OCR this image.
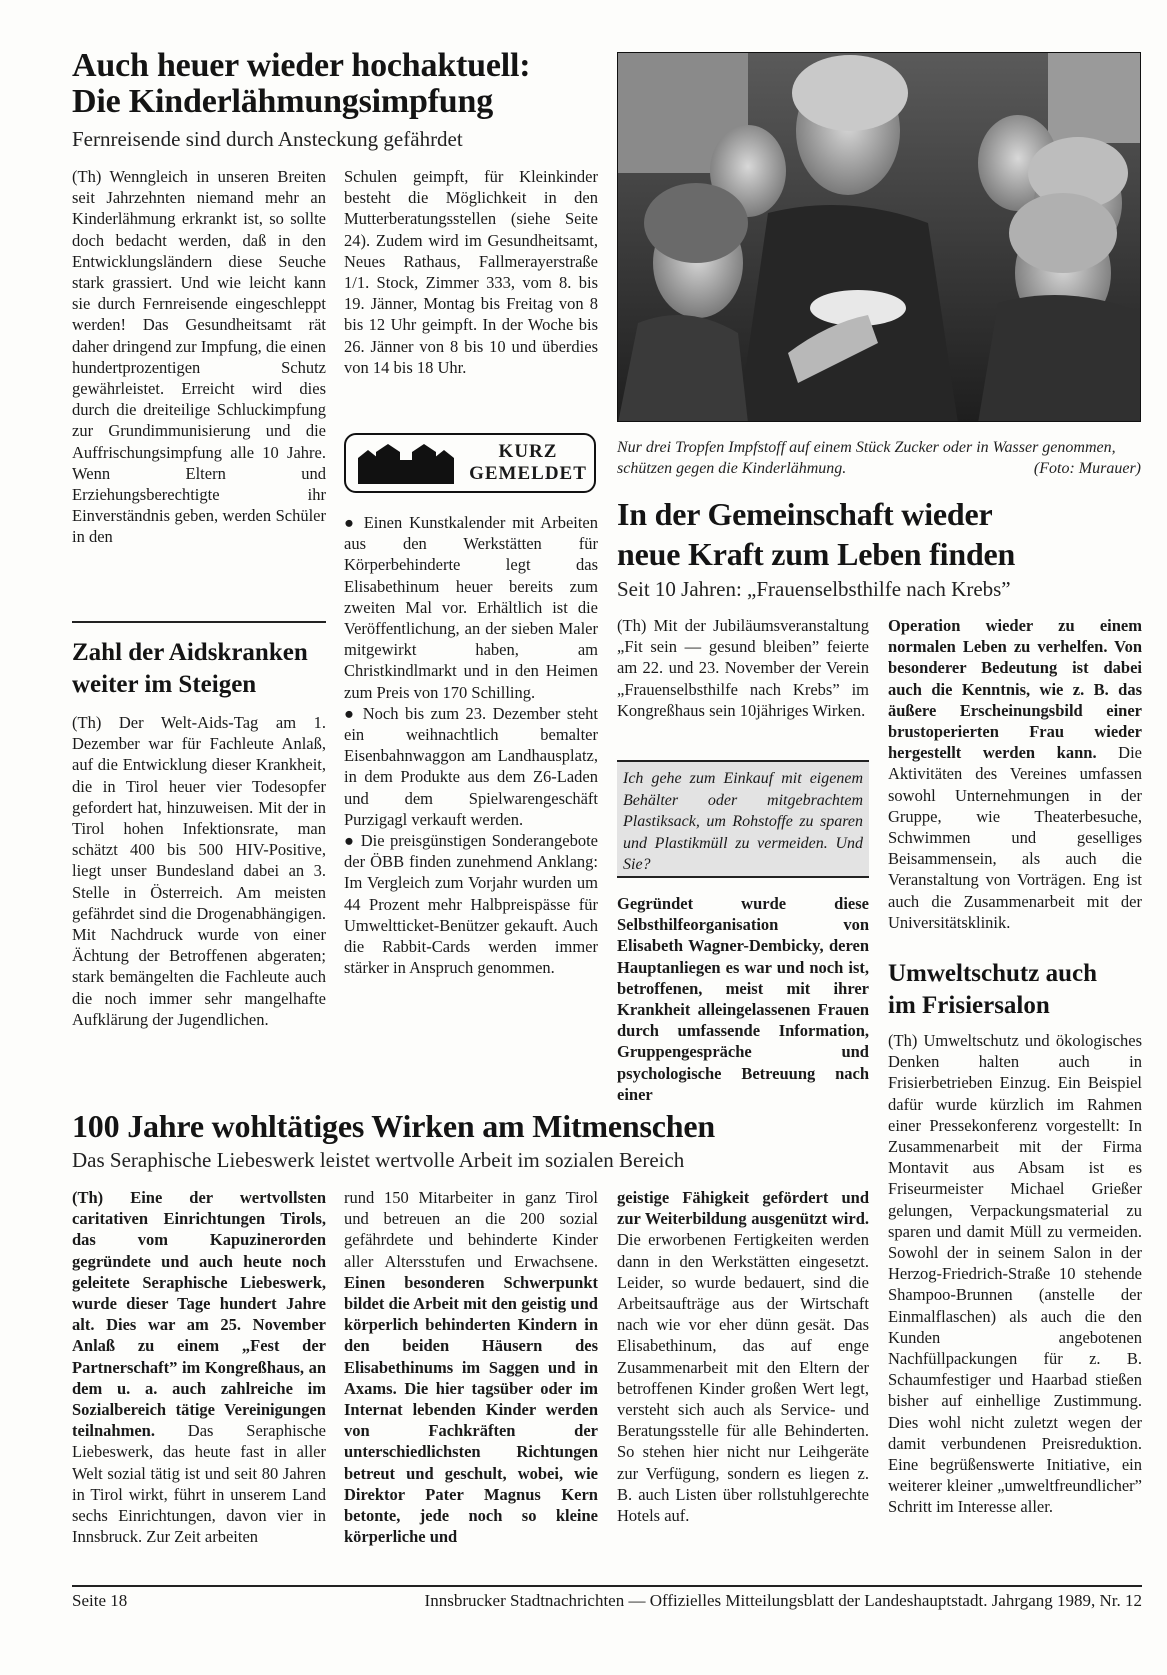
Auch heuer wieder hochaktuell:
Die Kinderlähmungsimpfung
Fernreisende sind durch Ansteckung gefährdet
(Th) Wenngleich in unseren Breiten seit Jahrzehnten niemand mehr an Kinderlähmung erkrankt ist, so sollte doch bedacht werden, daß in den Entwicklungsländern diese Seuche stark grassiert. Und wie leicht kann sie durch Fernreisende eingeschleppt werden! Das Gesundheitsamt rät daher dringend zur Impfung, die einen hundertprozentigen Schutz gewährleistet. Erreicht wird dies durch die dreiteilige Schluckimpfung zur Grundimmunisierung und die Auffrischungsimpfung alle 10 Jahre. Wenn Eltern und Erziehungsberechtigte ihr Einverständnis geben, werden Schüler in den
Schulen geimpft, für Kleinkinder besteht die Möglichkeit in den Mutterberatungsstellen (siehe Seite 24). Zudem wird im Gesundheitsamt, Neues Rathaus, Fallmerayerstraße 1/1. Stock, Zimmer 333, vom 8. bis 19. Jänner, Montag bis Freitag von 8 bis 12 Uhr geimpft. In der Woche bis 26. Jänner von 8 bis 10 und überdies von 14 bis 18 Uhr.
Nur drei Tropfen Impfstoff auf einem Stück Zucker oder in Wasser genommen, schützen gegen die Kinderlähmung.	(Foto: Murauer)
Zahl der Aidskranken
weiter im Steigen
(Th) Der Welt-Aids-Tag am 1. Dezember war für Fachleute Anlaß, auf die Entwicklung dieser Krankheit, die in Tirol heuer vier Todesopfer gefordert hat, hinzuweisen. Mit der in Tirol hohen Infektionsrate, man schätzt 400 bis 500 HIV-Positive, liegt unser Bundesland dabei an 3. Stelle in Österreich. Am meisten gefährdet sind die Drogenabhängigen. Mit Nachdruck wurde von einer Ächtung der Betroffenen abgeraten; stark bemängelten die Fachleute auch die noch immer sehr mangelhafte Aufklärung der Jugendlichen.
KURZ
GEMELDET
● Einen Kunstkalender mit Arbeiten aus den Werkstätten für Körperbehinderte legt das Elisabethinum heuer bereits zum zweiten Mal vor. Erhältlich ist die Veröffentlichung, an der sieben Maler mitgewirkt haben, am Christkindlmarkt und in den Heimen zum Preis von 170 Schilling.
● Noch bis zum 23. Dezember steht ein weihnachtlich bemalter Eisenbahnwaggon am Landhausplatz, in dem Produkte aus dem Z6-Laden und dem Spielwarengeschäft Purzigagl verkauft werden.
● Die preisgünstigen Sonderangebote der ÖBB finden zunehmend Anklang: Im Vergleich zum Vorjahr wurden um 44 Prozent mehr Halbpreispässe für Umweltticket-Benützer gekauft. Auch die Rabbit-Cards werden immer stärker in Anspruch genommen.
In der Gemeinschaft wieder
neue Kraft zum Leben finden
Seit 10 Jahren: „Frauenselbsthilfe nach Krebs”
(Th) Mit der Jubiläumsveranstaltung „Fit sein — gesund bleiben” feierte am 22. und 23. November der Verein „Frauenselbsthilfe nach Krebs” im Kongreßhaus sein 10jähriges Wirken.
Ich gehe zum Einkauf mit eigenem Behälter oder mitgebrachtem Plastiksack, um Rohstoffe zu sparen und Plastikmüll zu vermeiden. Und Sie?
Gegründet wurde diese Selbsthilfeorganisation von Elisabeth Wagner-Dembicky, deren Hauptanliegen es war und noch ist, betroffenen, meist mit ihrer Krankheit alleingelassenen Frauen durch umfassende Information, Gruppengespräche und psychologische Betreuung nach einer
Operation wieder zu einem normalen Leben zu verhelfen. Von besonderer Bedeutung ist dabei auch die Kenntnis, wie z. B. das äußere Erscheinungsbild einer brustoperierten Frau wieder hergestellt werden kann. Die Aktivitäten des Vereines umfassen sowohl Unternehmungen in der Gruppe, wie Theaterbesuche, Schwimmen und geselliges Beisammensein, als auch die Veranstaltung von Vorträgen. Eng ist auch die Zusammenarbeit mit der Universitätsklinik.
Umweltschutz auch
im Frisiersalon
(Th) Umweltschutz und ökologisches Denken halten auch in Frisierbetrieben Einzug. Ein Beispiel dafür wurde kürzlich im Rahmen einer Pressekonferenz vorgestellt: In Zusammenarbeit mit der Firma Montavit aus Absam ist es Friseurmeister Michael Grießer gelungen, Verpackungsmaterial zu sparen und damit Müll zu vermeiden. Sowohl der in seinem Salon in der Herzog-Friedrich-Straße 10 stehende Shampoo-Brunnen (anstelle der Einmalflaschen) als auch die den Kunden angebotenen Nachfüllpackungen für z. B. Schaumfestiger und Haarbad stießen bisher auf einhellige Zustimmung. Dies wohl nicht zuletzt wegen der damit verbundenen Preisreduktion. Eine begrüßenswerte Initiative, ein weiterer kleiner „umweltfreundlicher” Schritt im Interesse aller.
100 Jahre wohltätiges Wirken am Mitmenschen
Das Seraphische Liebeswerk leistet wertvolle Arbeit im sozialen Bereich
(Th) Eine der wertvollsten caritativen Einrichtungen Tirols, das vom Kapuzinerorden gegründete und auch heute noch geleitete Seraphische Liebeswerk, wurde dieser Tage hundert Jahre alt. Dies war am 25. November Anlaß zu einem „Fest der Partnerschaft” im Kongreßhaus, an dem u. a. auch zahlreiche im Sozialbereich tätige Vereinigungen teilnahmen. Das Seraphische Liebeswerk, das heute fast in aller Welt sozial tätig ist und seit 80 Jahren in Tirol wirkt, führt in unserem Land sechs Einrichtungen, davon vier in Innsbruck. Zur Zeit arbeiten
rund 150 Mitarbeiter in ganz Tirol und betreuen an die 200 sozial gefährdete und behinderte Kinder aller Altersstufen und Erwachsene. Einen besonderen Schwerpunkt bildet die Arbeit mit den geistig und körperlich behinderten Kindern in den beiden Häusern des Elisabethinums im Saggen und in Axams. Die hier tagsüber oder im Internat lebenden Kinder werden von Fachkräften der unterschiedlichsten Richtungen betreut und geschult, wobei, wie Direktor Pater Magnus Kern betonte, jede noch so kleine körperliche und
geistige Fähigkeit gefördert und zur Weiterbildung ausgenützt wird. Die erworbenen Fertigkeiten werden dann in den Werkstätten eingesetzt. Leider, so wurde bedauert, sind die Arbeitsaufträge aus der Wirtschaft nach wie vor eher dünn gesät. Das Elisabethinum, das auf enge Zusammenarbeit mit den Eltern der betroffenen Kinder großen Wert legt, versteht sich auch als Service- und Beratungsstelle für alle Behinderten. So stehen hier nicht nur Leihgeräte zur Verfügung, sondern es liegen z. B. auch Listen über rollstuhlgerechte Hotels auf.
Seite 18	Innsbrucker Stadtnachrichten — Offizielles Mitteilungsblatt der Landeshauptstadt. Jahrgang 1989, Nr. 12
